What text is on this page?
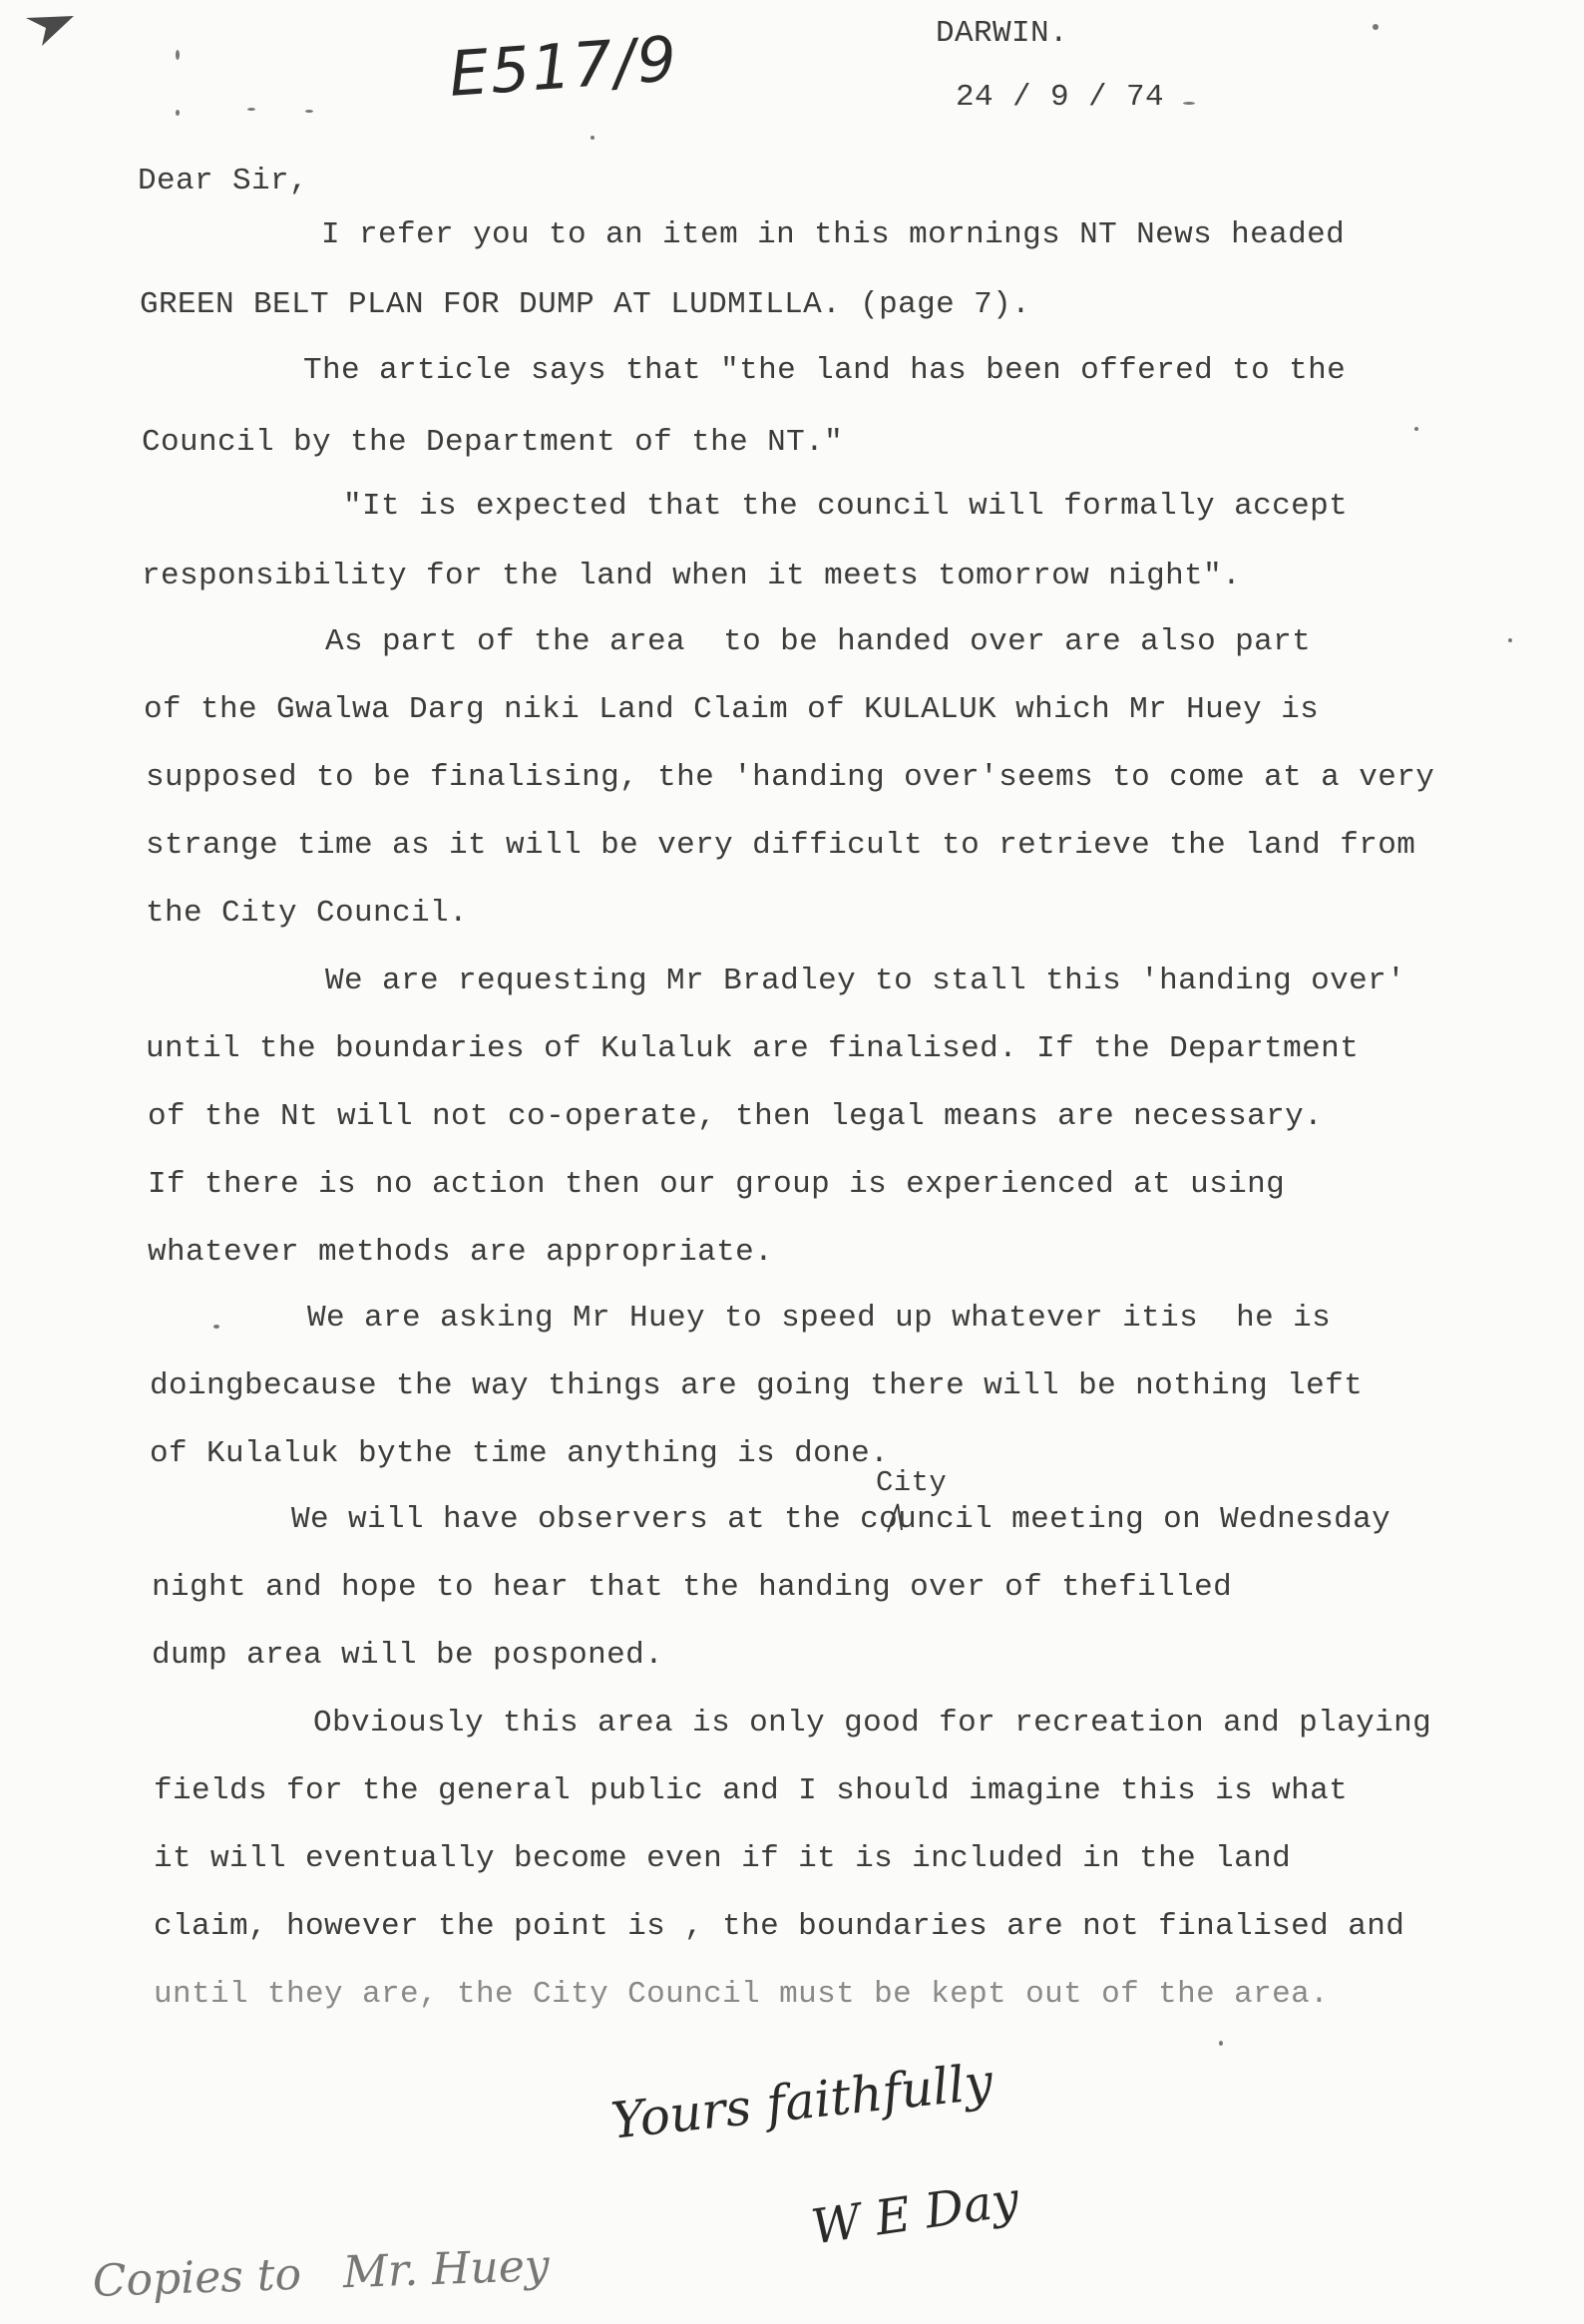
E517/9	DARWIN.
24 / 9 / 74
Dear Sir,
I refer you to an item in this mornings NT News headed
GREEN BELT PLAN FOR DUMP AT LUDMILLA. (page 7).
The article says that "the land has been offered to the
Council by the Department of the NT."
"It is expected that the council will formally accept
responsibility for the land when it meets tomorrow night".
As part of the area  to be handed over are also part
of the Gwalwa Darg niki Land Claim of KULALUK which Mr Huey is
supposed to be finalising, the 'handing over'seems to come at a very
strange time as it will be very difficult to retrieve the land from
the City Council.
We are requesting Mr Bradley to stall this 'handing over'
until the boundaries of Kulaluk are finalised. If the Department
of the Nt will not co-operate, then legal means are necessary.
If there is no action then our group is experienced at using
whatever methods are appropriate.
We are asking Mr Huey to speed up whatever itis  he is
doingbecause the way things are going there will be nothing left
of Kulaluk bythe time anything is done.
City
We will have observers at the council meeting on Wednesday
night and hope to hear that the handing over of thefilled
dump area will be posponed.
Obviously this area is only good for recreation and playing
fields for the general public and I should imagine this is what
it will eventually become even if it is included in the land
claim, however the point is , the boundaries are not finalised and
until they are, the City Council must be kept out of the area.
Yours faithfully
W E Day
Copies to   Mr. Huey
